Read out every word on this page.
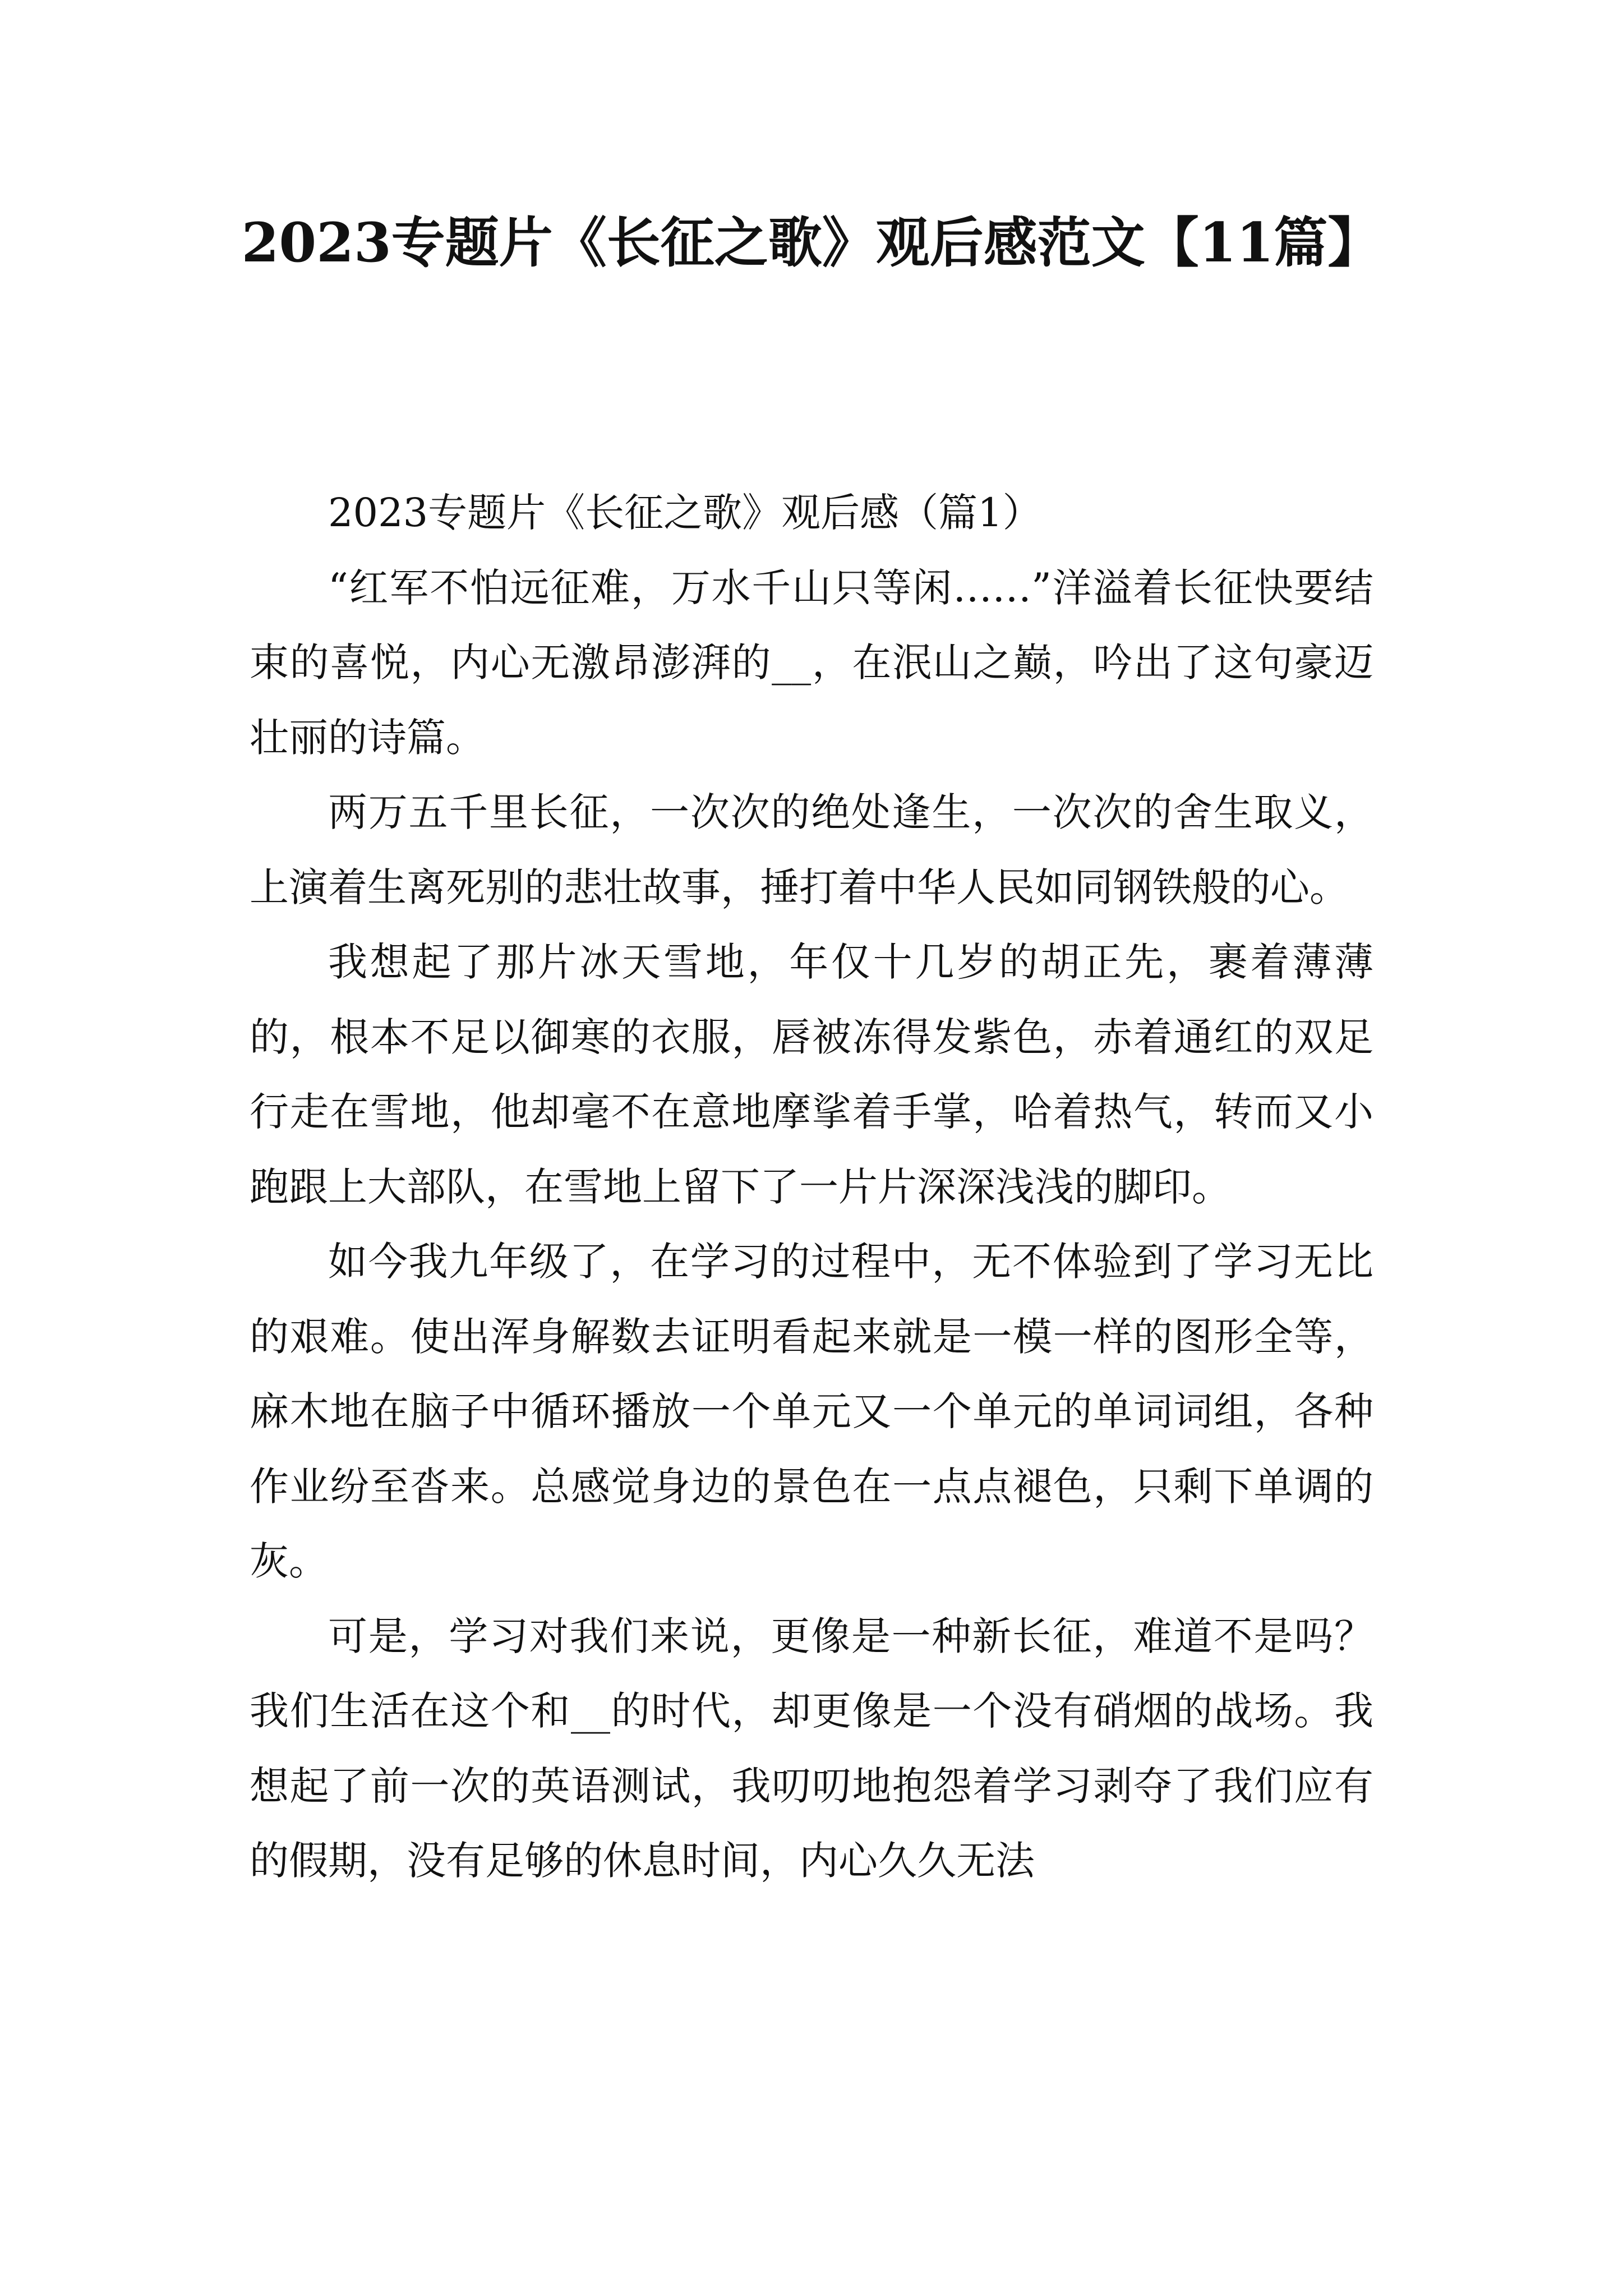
2023专题片《长征之歌》观后感范文【11篇】

2023专题片《长征之歌》观后感（篇1）

“红军不怕远征难，万水千山只等闲……”洋溢着长征快要结束的喜悦，内心无激昂澎湃的__，在泯山之巅，吟出了这句豪迈壮丽的诗篇。

两万五千里长征，一次次的绝处逢生，一次次的舍生取义，上演着生离死别的悲壮故事，捶打着中华人民如同钢铁般的心。

我想起了那片冰天雪地，年仅十几岁的胡正先，裹着薄薄的，根本不足以御寒的衣服，唇被冻得发紫色，赤着通红的双足行走在雪地，他却毫不在意地摩挲着手掌，哈着热气，转而又小跑跟上大部队，在雪地上留下了一片片深深浅浅的脚印。

如今我九年级了，在学习的过程中，无不体验到了学习无比的艰难。使出浑身解数去证明看起来就是一模一样的图形全等，麻木地在脑子中循环播放一个单元又一个单元的单词词组，各种作业纷至沓来。总感觉身边的景色在一点点褪色，只剩下单调的灰。

可是，学习对我们来说，更像是一种新长征，难道不是吗？我们生活在这个和__的时代，却更像是一个没有硝烟的战场。我想起了前一次的英语测试，我叨叨地抱怨着学习剥夺了我们应有的假期，没有足够的休息时间，内心久久无法
